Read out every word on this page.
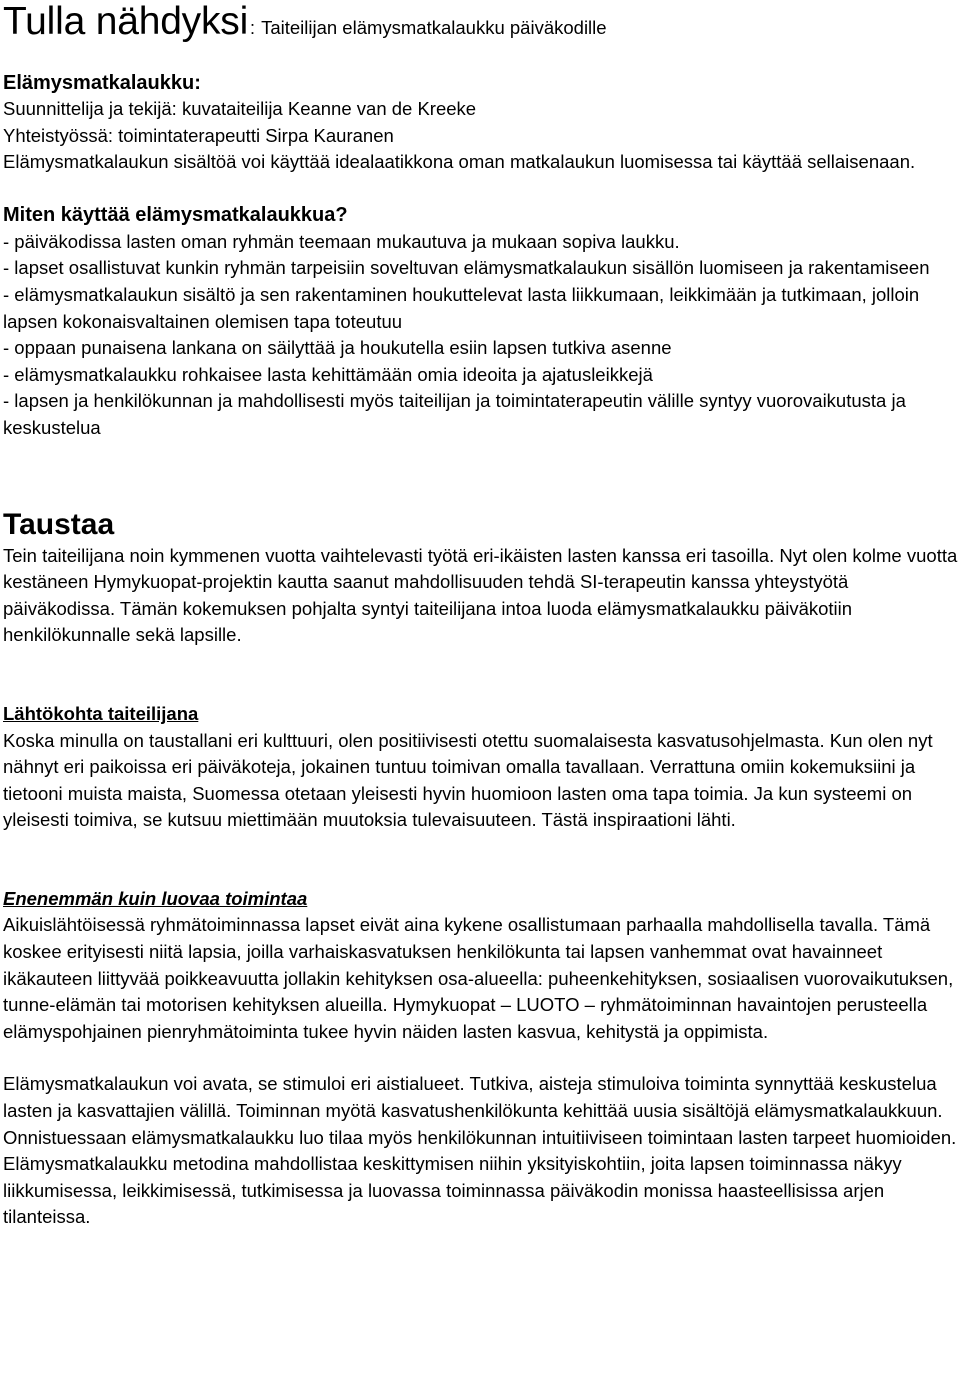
Tulla nähdyksi : Taiteilijan elämysmatkalaukku päiväkodille
Elämysmatkalaukku:

Suunnittelija ja tekijä: kuvataiteilija Keanne van de Kreeke

Yhteistyössä: toimintaterapeutti Sirpa Kauranen

Elämysmatkalaukun sisältöä voi käyttää idealaatikkona oman matkalaukun luomisessa tai käyttää sellaisenaan.

Miten käyttää elämysmatkalaukkua?

- päiväkodissa lasten oman ryhmän teemaan mukautuva ja mukaan sopiva laukku.

- lapset osallistuvat kunkin ryhmän tarpeisiin soveltuvan elämysmatkalaukun sisällön luomiseen ja rakentamiseen

- elämysmatkalaukun sisältö ja sen rakentaminen houkuttelevat lasta liikkumaan, leikkimään ja tutkimaan, jolloin lapsen kokonaisvaltainen olemisen tapa toteutuu

- oppaan punaisena lankana on säilyttää ja houkutella esiin lapsen tutkiva asenne

- elämysmatkalaukku rohkaisee lasta kehittämään omia ideoita ja ajatusleikkejä

- lapsen ja henkilökunnan ja mahdollisesti myös taiteilijan ja toimintaterapeutin välille syntyy vuorovaikutusta ja keskustelua

Taustaa

Tein taiteilijana noin kymmenen vuotta vaihtelevasti työtä eri-ikäisten lasten kanssa eri tasoilla. Nyt olen kolme vuotta kestäneen Hymykuopat-projektin kautta saanut mahdollisuuden tehdä SI-terapeutin kanssa yhteystyötä päiväkodissa. Tämän kokemuksen pohjalta syntyi taiteilijana intoa luoda elämysmatkalaukku päiväkotiin henkilökunnalle sekä lapsille.

Lähtökohta taiteilijana

Koska minulla on taustallani eri kulttuuri, olen positiivisesti otettu suomalaisesta kasvatusohjelmasta. Kun olen nyt nähnyt eri paikoissa eri päiväkoteja, jokainen tuntuu toimivan omalla tavallaan. Verrattuna omiin kokemuksiini ja tietooni muista maista, Suomessa otetaan yleisesti hyvin huomioon lasten oma tapa toimia. Ja kun systeemi on yleisesti toimiva, se kutsuu miettimään muutoksia tulevaisuuteen. Tästä inspiraationi lähti.

Enenemmän kuin luovaa toimintaa

Aikuislähtöisessä ryhmätoiminnassa lapset eivät aina kykene osallistumaan parhaalla mahdollisella tavalla. Tämä koskee erityisesti niitä lapsia, joilla varhaiskasvatuksen henkilökunta tai lapsen vanhemmat ovat havainneet ikäkauteen liittyvää poikkeavuutta jollakin kehityksen osa-alueella: puheenkehityksen, sosiaalisen vuorovaikutuksen, tunne-elämän tai motorisen kehityksen alueilla. Hymykuopat – LUOTO – ryhmätoiminnan havaintojen perusteella elämyspohjainen pienryhmätoiminta tukee hyvin näiden lasten kasvua, kehitystä ja oppimista.

Elämysmatkalaukun voi avata, se stimuloi eri aistialueet. Tutkiva, aisteja stimuloiva toiminta synnyttää keskustelua lasten ja kasvattajien välillä. Toiminnan myötä kasvatushenkilökunta kehittää uusia sisältöjä elämysmatkalaukkuun.

Onnistuessaan elämysmatkalaukku luo tilaa myös henkilökunnan intuitiiviseen toimintaan lasten tarpeet huomioiden.

Elämysmatkalaukku metodina mahdollistaa keskittymisen niihin yksityiskohtiin, joita lapsen toiminnassa näkyy liikkumisessa, leikkimisessä, tutkimisessa ja luovassa toiminnassa päiväkodin monissa haasteellisissa arjen tilanteissa.
